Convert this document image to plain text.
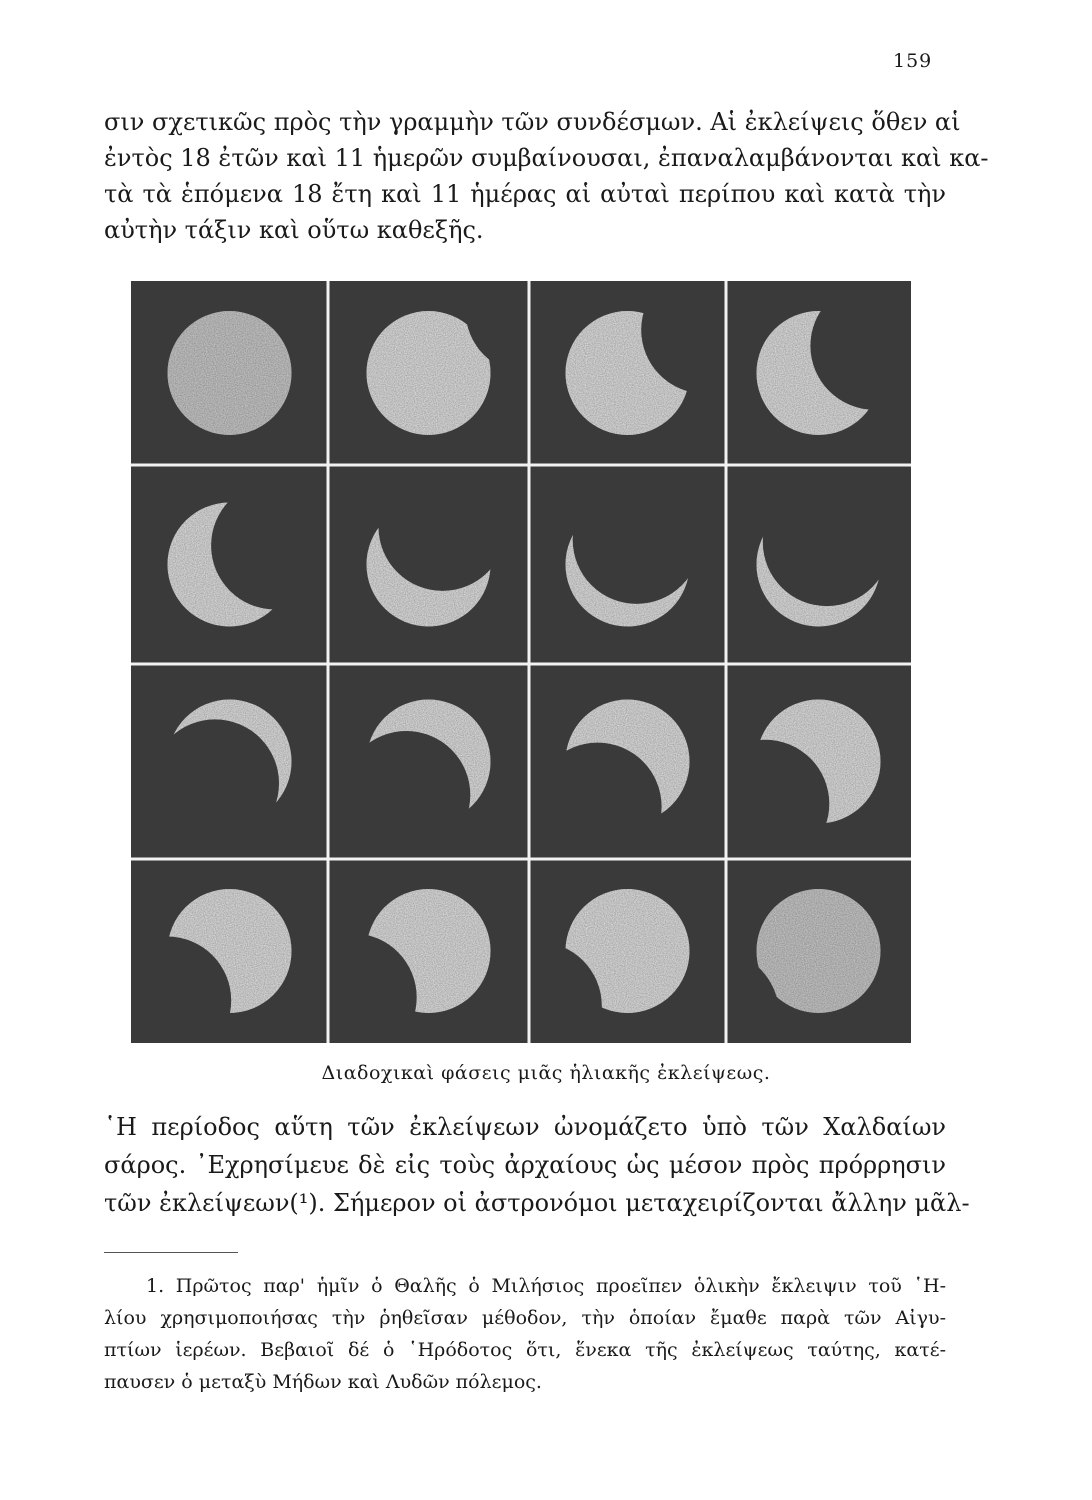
159
σιν σχετικῶς πρὸς τὴν γραμμὴν τῶν συνδέσμων. Αἱ ἐκλείψεις ὅθεν αἱ
ἐντὸς 18 ἐτῶν καὶ 11 ἡμερῶν συμβαίνουσαι, ἐπαναλαμβάνονται καὶ κα-
τὰ τὰ ἑπόμενα 18 ἔτη καὶ 11 ἡμέρας αἱ αὐταὶ περίπου καὶ κατὰ τὴν
αὐτὴν τάξιν καὶ οὕτω καθεξῆς.
Διαδοχικαὶ φάσεις μιᾶς ἡλιακῆς ἐκλείψεως.
῾Η περίοδος αὕτη τῶν ἐκλείψεων ὠνομάζετο ὑπὸ τῶν Χαλδαίων
σάρος. ᾿Εχρησίμευε δὲ εἰς τοὺς ἀρχαίους ὡς μέσον πρὸς πρόρρησιν
τῶν ἐκλείψεων(¹). Σήμερον οἱ ἀστρονόμοι μεταχειρίζονται ἄλλην μᾶλ-
1. Πρῶτος παρ' ἡμῖν ὁ Θαλῆς ὁ Μιλήσιος προεῖπεν ὁλικὴν ἔκλειψιν τοῦ ῾Η-
λίου χρησιμοποιήσας τὴν ῥηθεῖσαν μέθοδον, τὴν ὁποίαν ἔμαθε παρὰ τῶν Αἰγυ-
πτίων ἱερέων. Βεβαιοῖ δέ ὁ ῾Ηρόδοτος ὅτι, ἕνεκα τῆς ἐκλείψεως ταύτης, κατέ-
παυσεν ὁ μεταξὺ Μήδων καὶ Λυδῶν πόλεμος.
